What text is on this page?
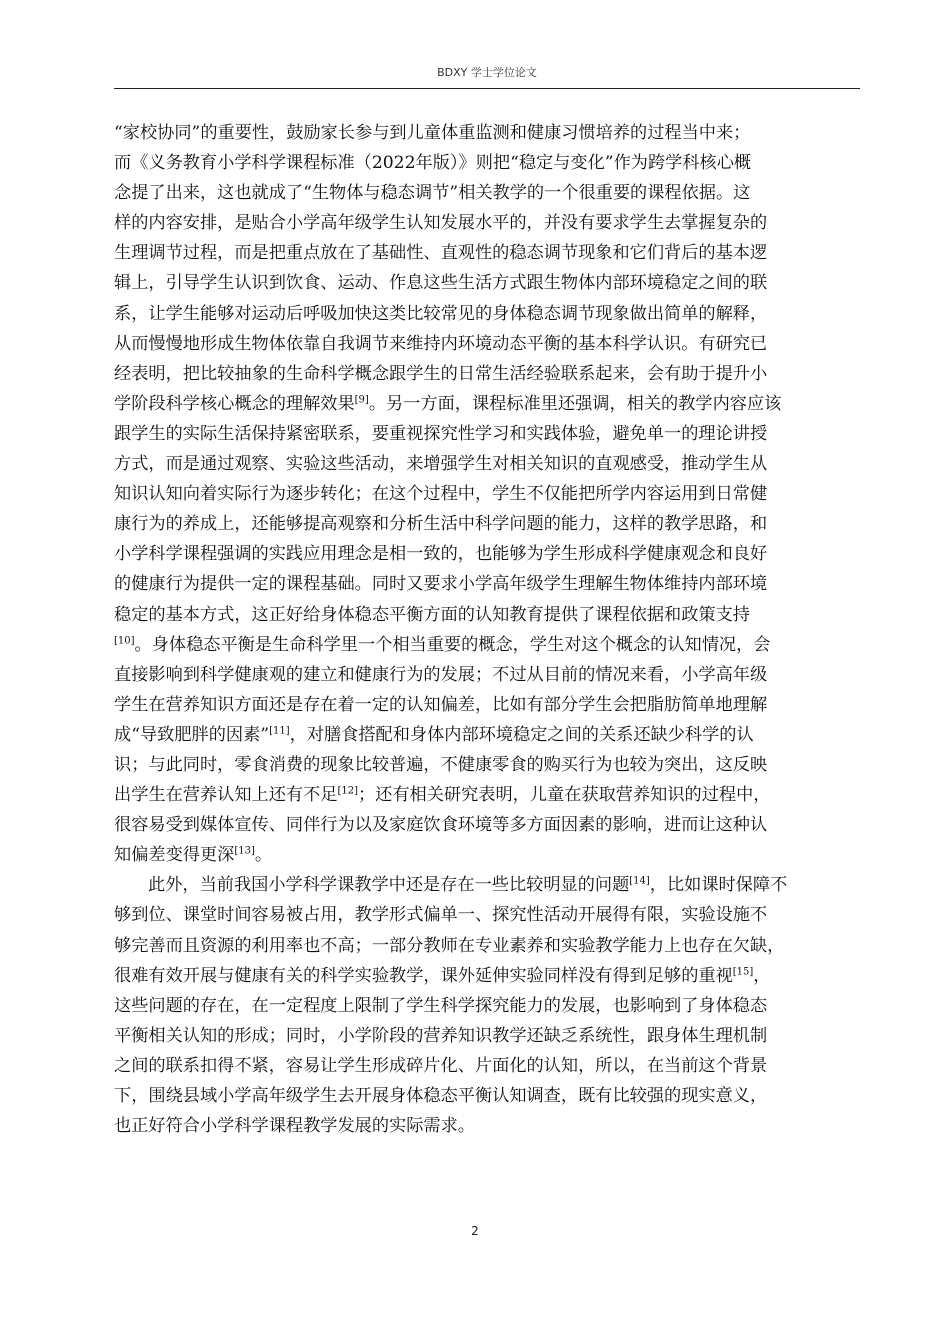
BDXY 学士学位论文
“家校协同”的重要性，鼓励家长参与到儿童体重监测和健康习惯培养的过程当中来；
而《义务教育小学科学课程标准（2022年版）》则把“稳定与变化”作为跨学科核心概
念提了出来，这也就成了“生物体与稳态调节”相关教学的一个很重要的课程依据。这
样的内容安排，是贴合小学高年级学生认知发展水平的，并没有要求学生去掌握复杂的
生理调节过程，而是把重点放在了基础性、直观性的稳态调节现象和它们背后的基本逻
辑上，引导学生认识到饮食、运动、作息这些生活方式跟生物体内部环境稳定之间的联
系，让学生能够对运动后呼吸加快这类比较常见的身体稳态调节现象做出简单的解释，
从而慢慢地形成生物体依靠自我调节来维持内环境动态平衡的基本科学认识。有研究已
经表明，把比较抽象的生命科学概念跟学生的日常生活经验联系起来，会有助于提升小
学阶段科学核心概念的理解效果[9]。另一方面，课程标准里还强调，相关的教学内容应该
跟学生的实际生活保持紧密联系，要重视探究性学习和实践体验，避免单一的理论讲授
方式，而是通过观察、实验这些活动，来增强学生对相关知识的直观感受，推动学生从
知识认知向着实际行为逐步转化；在这个过程中，学生不仅能把所学内容运用到日常健
康行为的养成上，还能够提高观察和分析生活中科学问题的能力，这样的教学思路，和
小学科学课程强调的实践应用理念是相一致的，也能够为学生形成科学健康观念和良好
的健康行为提供一定的课程基础。同时又要求小学高年级学生理解生物体维持内部环境
稳定的基本方式，这正好给身体稳态平衡方面的认知教育提供了课程依据和政策支持
[10]。身体稳态平衡是生命科学里一个相当重要的概念，学生对这个概念的认知情况，会
直接影响到科学健康观的建立和健康行为的发展；不过从目前的情况来看，小学高年级
学生在营养知识方面还是存在着一定的认知偏差，比如有部分学生会把脂肪简单地理解
成“导致肥胖的因素”[11]，对膳食搭配和身体内部环境稳定之间的关系还缺少科学的认
识；与此同时，零食消费的现象比较普遍，不健康零食的购买行为也较为突出，这反映
出学生在营养认知上还有不足[12]；还有相关研究表明，儿童在获取营养知识的过程中，
很容易受到媒体宣传、同伴行为以及家庭饮食环境等多方面因素的影响，进而让这种认
知偏差变得更深[13]。
此外，当前我国小学科学课教学中还是存在一些比较明显的问题[14]，比如课时保障不
够到位、课堂时间容易被占用，教学形式偏单一、探究性活动开展得有限，实验设施不
够完善而且资源的利用率也不高；一部分教师在专业素养和实验教学能力上也存在欠缺，
很难有效开展与健康有关的科学实验教学，课外延伸实验同样没有得到足够的重视[15]，
这些问题的存在，在一定程度上限制了学生科学探究能力的发展，也影响到了身体稳态
平衡相关认知的形成；同时，小学阶段的营养知识教学还缺乏系统性，跟身体生理机制
之间的联系扣得不紧，容易让学生形成碎片化、片面化的认知，所以，在当前这个背景
下，围绕县域小学高年级学生去开展身体稳态平衡认知调查，既有比较强的现实意义，
也正好符合小学科学课程教学发展的实际需求。
2
